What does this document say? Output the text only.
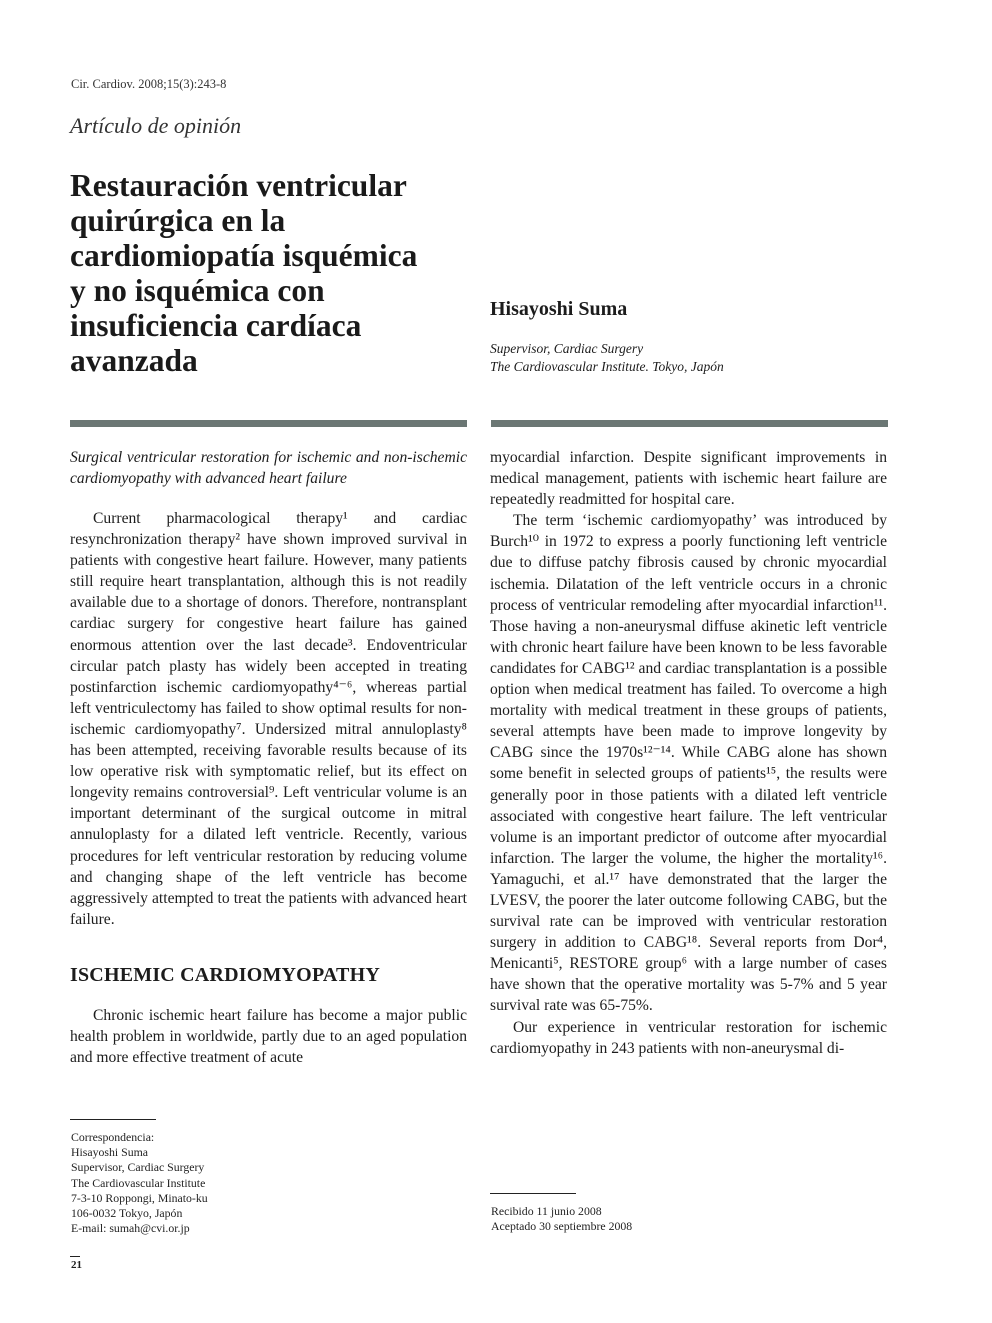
Cir. Cardiov. 2008;15(3):243-8
Artículo de opinión
Restauración ventricular
quirúrgica en la
cardiomiopatía isquémica
y no isquémica con
insuficiencia cardíaca
avanzada
Hisayoshi Suma
Supervisor, Cardiac Surgery
The Cardiovascular Institute. Tokyo, Japón

Surgical ventricular restoration for ischemic and non-ischemic cardiomyopathy with advanced heart failure

Current pharmacological therapy¹ and cardiac resynchronization therapy² have shown improved survival in patients with congestive heart failure. However, many patients still require heart transplantation, although this is not readily available due to a shortage of donors. Therefore, nontransplant cardiac surgery for congestive heart failure has gained enormous attention over the last decade³. Endoventricular circular patch plasty has widely been accepted in treating postinfarction ischemic cardiomyopathy⁴⁻⁶, whereas partial left ventriculectomy has failed to show optimal results for non-ischemic cardiomyopathy⁷. Undersized mitral annuloplasty⁸ has been attempted, receiving favorable results because of its low operative risk with symptomatic relief, but its effect on longevity remains controversial⁹. Left ventricular volume is an important determinant of the surgical outcome in mitral annuloplasty for a dilated left ventricle. Recently, various procedures for left ventricular restoration by reducing volume and changing shape of the left ventricle has become aggressively attempted to treat the patients with advanced heart failure.

ISCHEMIC CARDIOMYOPATHY

Chronic ischemic heart failure has become a major public health problem in worldwide, partly due to an aged population and more effective treatment of acute

myocardial infarction. Despite significant improvements in medical management, patients with ischemic heart failure are repeatedly readmitted for hospital care.

The term ‘ischemic cardiomyopathy’ was introduced by Burch¹⁰ in 1972 to express a poorly functioning left ventricle due to diffuse patchy fibrosis caused by chronic myocardial ischemia. Dilatation of the left ventricle occurs in a chronic process of ventricular remodeling after myocardial infarction¹¹. Those having a non-aneurysmal diffuse akinetic left ventricle with chronic heart failure have been known to be less favorable candidates for CABG¹² and cardiac transplantation is a possible option when medical treatment has failed. To overcome a high mortality with medical treatment in these groups of patients, several attempts have been made to improve longevity by CABG since the 1970s¹²⁻¹⁴. While CABG alone has shown some benefit in selected groups of patients¹⁵, the results were generally poor in those patients with a dilated left ventricle associated with congestive heart failure. The left ventricular volume is an important predictor of outcome after myocardial infarction. The larger the volume, the higher the mortality¹⁶. Yamaguchi, et al.¹⁷ have demonstrated that the larger the LVESV, the poorer the later outcome following CABG, but the survival rate can be improved with ventricular restoration surgery in addition to CABG¹⁸. Several reports from Dor⁴, Menicanti⁵, RESTORE group⁶ with a large number of cases have shown that the operative mortality was 5-7% and 5 year survival rate was 65-75%.

Our experience in ventricular restoration for ischemic cardiomyopathy in 243 patients with non-aneurysmal di-

Correspondencia:
Hisayoshi Suma
Supervisor, Cardiac Surgery
The Cardiovascular Institute
7-3-10 Roppongi, Minato-ku
106-0032 Tokyo, Japón
E-mail: sumah@cvi.or.jp
Recibido 11 junio 2008
Aceptado 30 septiembre 2008
21
